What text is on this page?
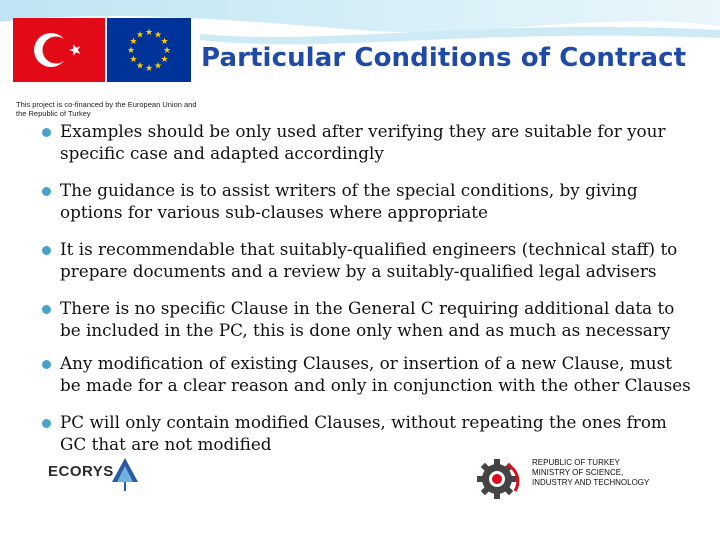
★ ★
★
★
★
★
★
★
★
★
★
★
This project is co-financed by the European Union and the Republic of Turkey
Particular Conditions of Contract
Examples should be only used after verifying they are suitable for your specific case and adapted accordingly
The guidance is to assist writers of the special conditions, by giving options for various sub-clauses where appropriate
It is recommendable that suitably-qualified engineers (technical staff) to prepare documents and a review by a suitably-qualified legal advisers
There is no specific Clause in the General C requiring additional data to be included in the PC, this is done only when and as much as necessary
Any modification of existing Clauses, or insertion of a new Clause, must be made for a clear reason and only in conjunction with the other Clauses
PC will only contain modified Clauses, without repeating the ones from GC that are not modified
ECORYS
REPUBLIC OF TURKEY
MINISTRY OF SCIENCE,
INDUSTRY AND TECHNOLOGY
